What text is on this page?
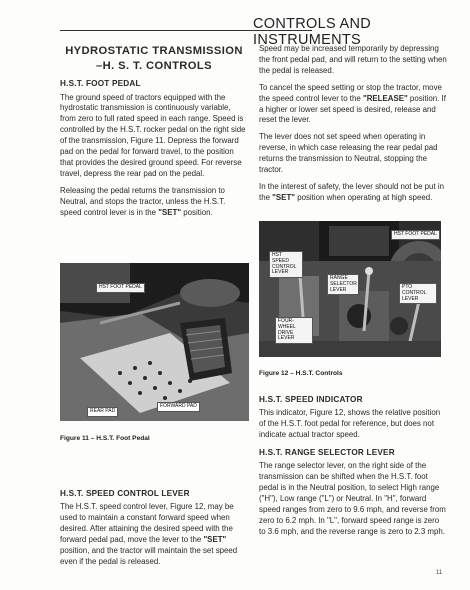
CONTROLS AND INSTRUMENTS
HYDROSTATIC TRANSMISSION
–H. S. T. CONTROLS
H.S.T. FOOT PEDAL

The ground speed of tractors equipped with the hydrostatic transmission is continuously variable, from zero to full rated speed in each range. Speed is controlled by the H.S.T. rocker pedal on the right side of the transmission, Figure 11. Depress the forward pad on the pedal for forward travel, to the position that provides the desired ground speed. For reverse travel, depress the rear pad on the pedal.

Releasing the pedal returns the transmission to Neutral, and stops the tractor, unless the H.S.T. speed control lever is in the "SET" position.

HST FOOT PEDAL
FORWARD PAD
REAR PAD
Figure 11 – H.S.T. Foot Pedal
H.S.T. SPEED CONTROL LEVER

The H.S.T. speed control lever, Figure 12, may be used to maintain a constant forward speed when desired. After attaining the desired speed with the forward pedal pad, move the lever to the "SET" position, and the tractor will maintain the set speed even if the pedal is released.

Speed may be increased temporarily by depressing the front pedal pad, and will return to the setting when the pedal is released.

To cancel the speed setting or stop the tractor, move the speed control lever to the "RELEASE" position. If a higher or lower set speed is desired, release and reset the lever.

The lever does not set speed when operating in reverse, in which case releasing the rear pedal pad returns the transmission to Neutral, stopping the tractor.

In the interest of safety, the lever should not be put in the "SET" position when operating at high speed.

HST FOOT PEDAL
HST SPEED CONTROL LEVER
RANGE SELECTOR LEVER	PTO CONTROL LEVER
FOUR-WHEEL DRIVE LEVER
Figure 12 – H.S.T. Controls
H.S.T. SPEED INDICATOR

This indicator, Figure 12, shows the relative position of the H.S.T. foot pedal for reference, but does not indicate actual tractor speed.

H.S.T. RANGE SELECTOR LEVER

The range selector lever, on the right side of the transmission can be shifted when the H.S.T. foot pedal is in the Neutral position, to select High range ("H"), Low range ("L") or Neutral. In "H", forward speed ranges from zero to 9.6 mph, and reverse from zero to 6.2 mph. In "L", forward speed range is zero to 3.6 mph, and the reverse range is zero to 2.3 mph.

11
